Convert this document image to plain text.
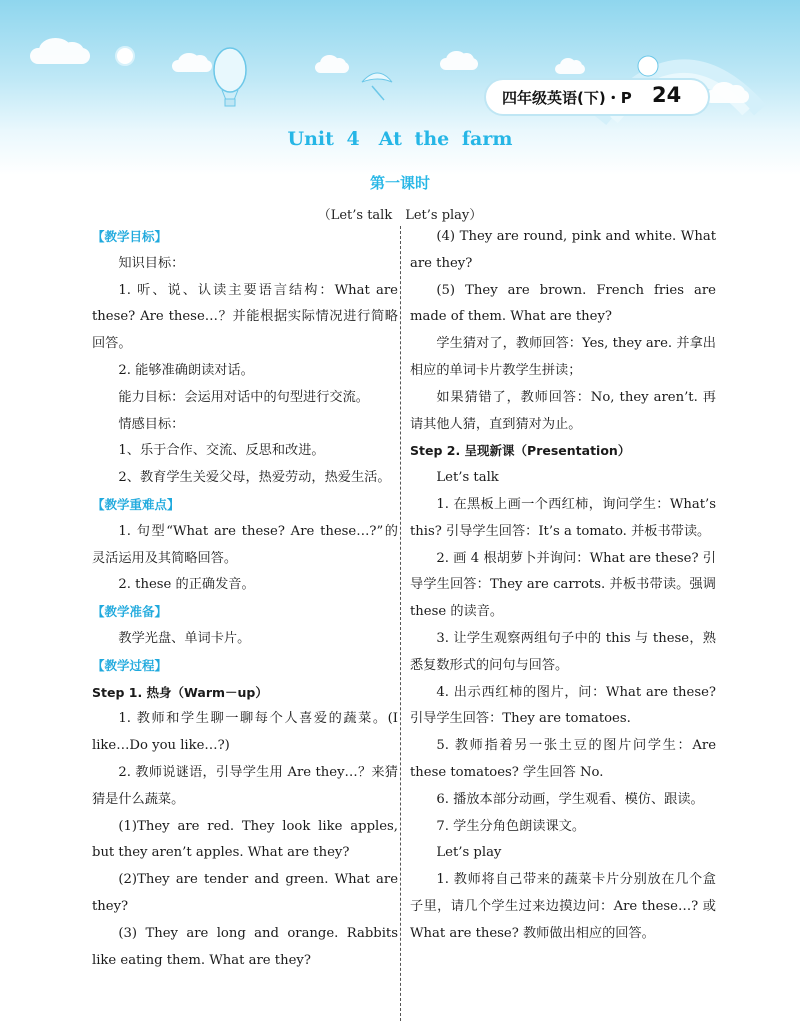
四年级英语(下)・P 24
Unit 4　At the farm
第一课时
（Let’s talk　Let’s play）

【教学目标】

知识目标：

1. 听、说、认读主要语言结构：What are these? Are these…？并能根据实际情况进行简略回答。

2. 能够准确朗读对话。

能力目标：会运用对话中的句型进行交流。

情感目标：

1、乐于合作、交流、反思和改进。

2、教育学生关爱父母，热爱劳动，热爱生活。

【教学重难点】

1. 句型“What are these? Are these…?”的灵活运用及其简略回答。

2. these 的正确发音。

【教学准备】

教学光盘、单词卡片。

【教学过程】

Step 1. 热身（Warm－up）

1. 教师和学生聊一聊每个人喜爱的蔬菜。(I like…Do you like…?)

2. 教师说谜语，引导学生用 Are they…？来猜猜是什么蔬菜。

(1)They are red. They look like apples, but they aren’t apples. What are they?

(2)They are tender and green. What are they?

(3) They are long and orange. Rabbits like eating them. What are they?

(4) They are round, pink and white. What are they?

(5) They are brown. French fries are made of them. What are they?

学生猜对了，教师回答：Yes, they are. 并拿出相应的单词卡片教学生拼读；

如果猜错了，教师回答：No, they aren’t. 再请其他人猜，直到猜对为止。

Step 2. 呈现新课（Presentation）

Let’s talk

1. 在黑板上画一个西红柿，询问学生：What’s this? 引导学生回答：It’s a tomato. 并板书带读。

2. 画 4 根胡萝卜并询问：What are these? 引导学生回答：They are carrots. 并板书带读。强调 these 的读音。

3. 让学生观察两组句子中的 this 与 these，熟悉复数形式的问句与回答。

4. 出示西红柿的图片，问：What are these? 引导学生回答：They are tomatoes.

5. 教师指着另一张土豆的图片问学生：Are these tomatoes? 学生回答 No.

6. 播放本部分动画，学生观看、模仿、跟读。

7. 学生分角色朗读课文。

Let’s play

1. 教师将自己带来的蔬菜卡片分别放在几个盒子里，请几个学生过来边摸边问：Are these…? 或 What are these? 教师做出相应的回答。
